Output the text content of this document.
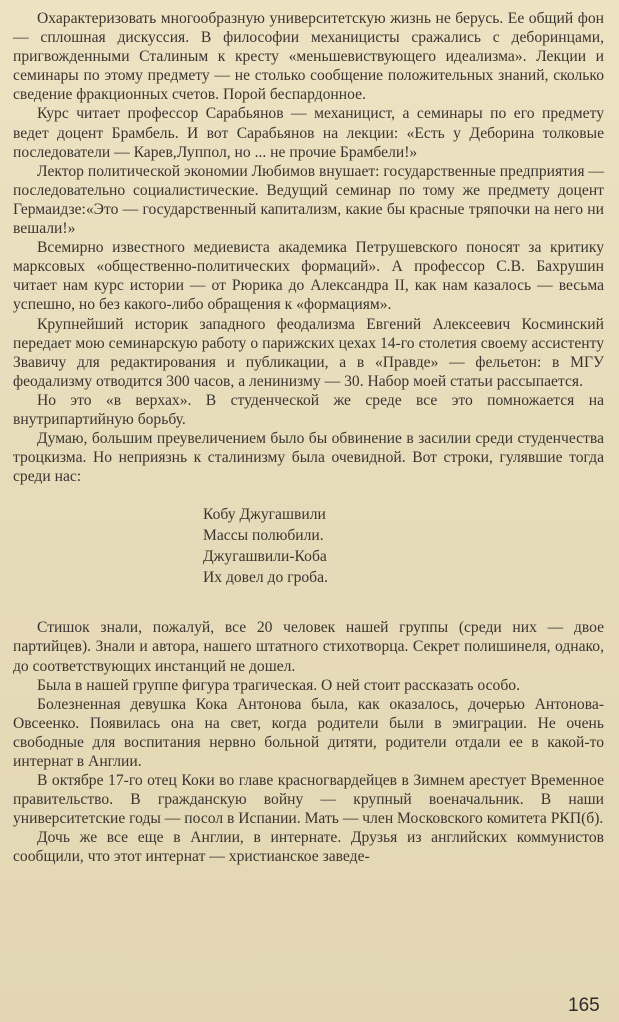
Охарактеризовать многообразную университетскую жизнь не берусь. Ее общий фон — сплошная дискуссия. В философии механицисты сражались с деборинцами, пригвожденными Сталиным к кресту «меньшевиствующего идеализма». Лекции и семинары по этому предмету — не столько сообщение положительных знаний, сколько сведение фракционных счетов. Порой беспардонное.

Курс читает профессор Сарабьянов — механицист, а семинары по его предмету ведет доцент Брамбель. И вот Сарабьянов на лекции: «Есть у Деборина толковые последователи — Карев,Луппол, но ... не прочие Брамбели!»

Лектор политической экономии Любимов внушает: государственные предприятия — последовательно социалистические. Ведущий семинар по тому же предмету доцент Гермаидзе:«Это — государственный капитализм, какие бы красные тряпочки на него ни вешали!»

Всемирно известного медиевиста академика Петрушевского поносят за критику марксовых «общественно-политических формаций». А профессор С.В. Бахрушин читает нам курс истории — от Рюрика до Александра II, как нам казалось — весьма успешно, но без какого-либо обращения к «формациям».

Крупнейший историк западного феодализма Евгений Алексеевич Косминский передает мою семинарскую работу о парижских цехах 14-го столетия своему ассистенту Звавичу для редактирования и публикации, а в «Правде» — фельетон: в МГУ феодализму отводится 300 часов, а ленинизму — 30. Набор моей статьи рассыпается.

Но это «в верхах». В студенческой же среде все это помножается на внутрипартийную борьбу.

Думаю, большим преувеличением было бы обвинение в засилии среди студенчества троцкизма. Но неприязнь к сталинизму была очевидной. Вот строки, гулявшие тогда среди нас:

Кобу Джугашвили
Массы полюбили.
Джугашвили-Коба
Их довел до гроба.

Стишок знали, пожалуй, все 20 человек нашей группы (среди них — двое партийцев). Знали и автора, нашего штатного стихотворца. Секрет полишинеля, однако, до соответствующих инстанций не дошел.

Была в нашей группе фигура трагическая. О ней стоит рассказать особо.

Болезненная девушка Кока Антонова была, как оказалось, дочерью Антонова-Овсеенко. Появилась она на свет, когда родители были в эмиграции. Не очень свободные для воспитания нервно больной дитяти, родители отдали ее в какой-то интернат в Англии.

В октябре 17-го отец Коки во главе красногвардейцев в Зимнем арестует Временное правительство. В гражданскую войну — крупный военачальник. В наши университетские годы — посол в Испании. Мать — член Московского комитета РКП(б).

Дочь же все еще в Англии, в интернате. Друзья из английских коммунистов сообщили, что этот интернат — христианское заведе-

165
